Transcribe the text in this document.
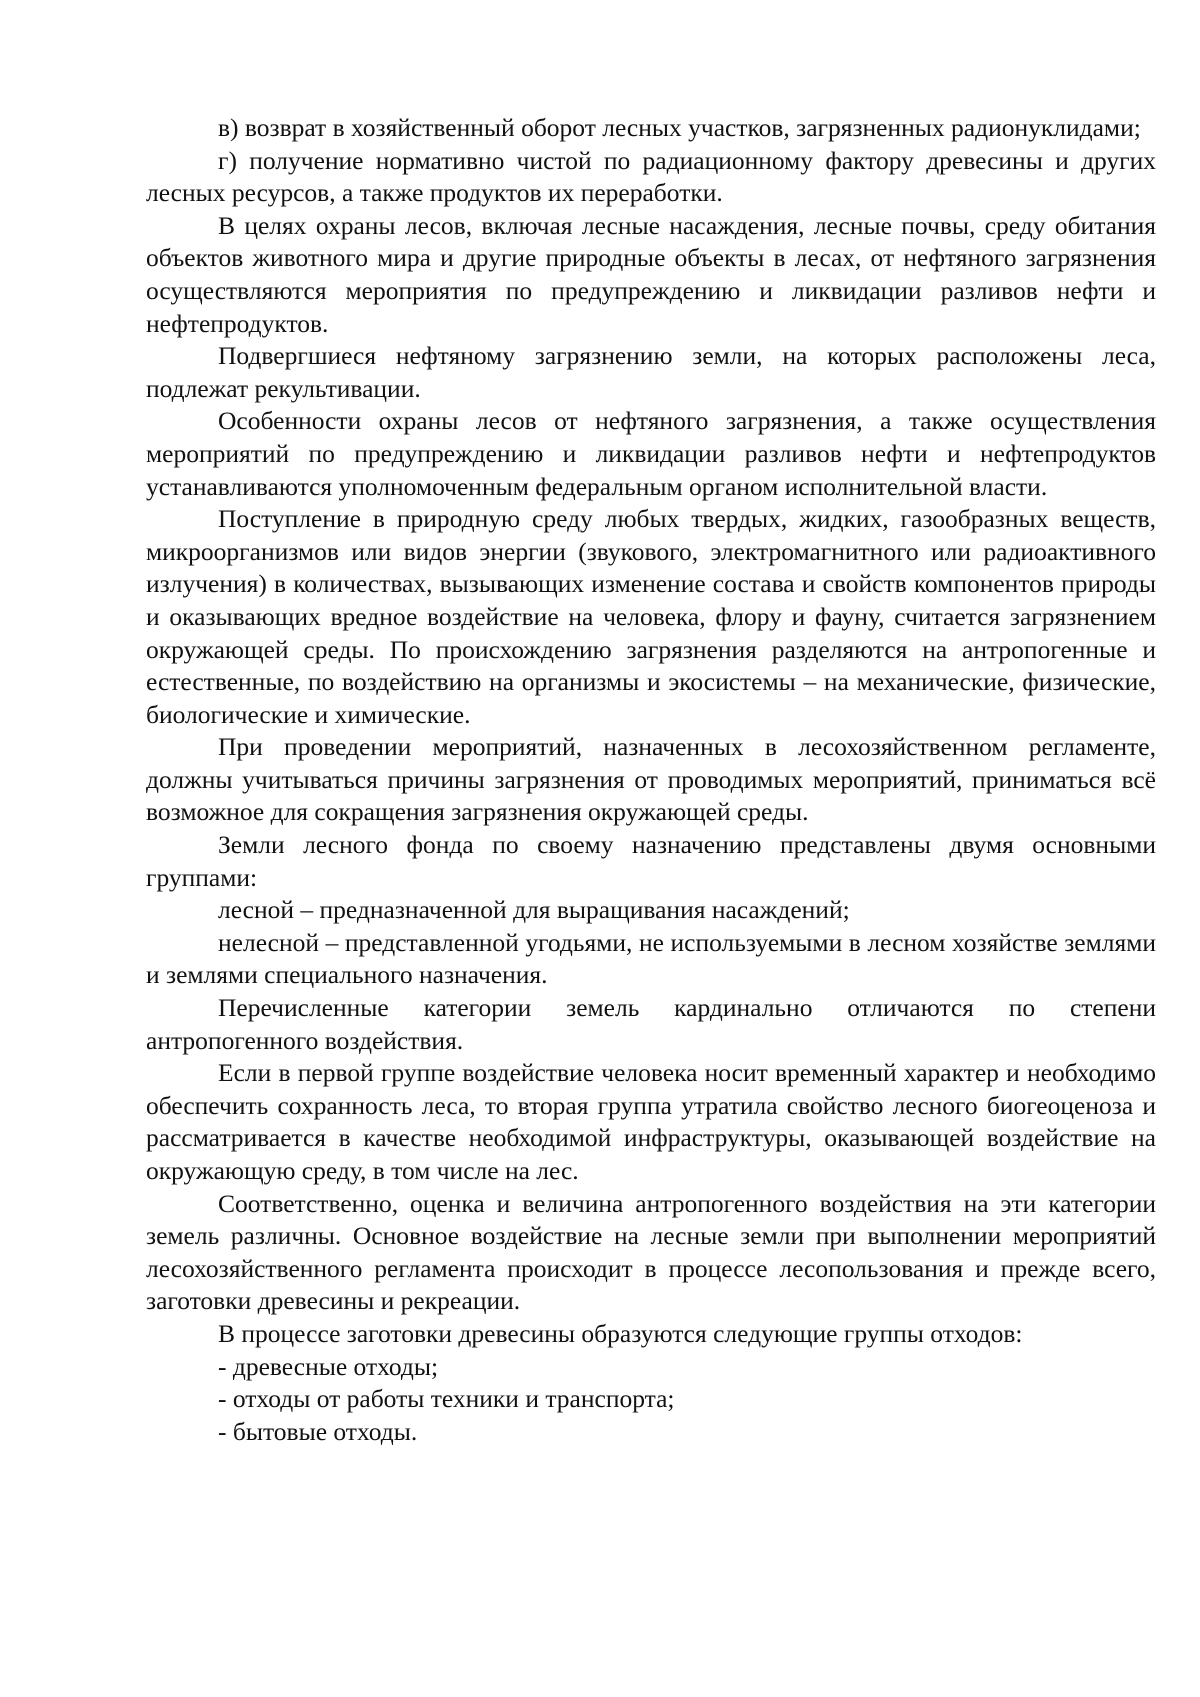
в) возврат в хозяйственный оборот лесных участков, загрязненных радионуклидами;

г) получение нормативно чистой по радиационному фактору древесины и других лесных ресурсов, а также продуктов их переработки.

В целях охраны лесов, включая лесные насаждения, лесные почвы, среду обитания объектов животного мира и другие природные объекты в лесах, от нефтяного загрязнения осуществляются мероприятия по предупреждению и ликвидации разливов нефти и нефтепродуктов.

Подвергшиеся нефтяному загрязнению земли, на которых расположены леса, подлежат рекультивации.

Особенности охраны лесов от нефтяного загрязнения, а также осуществления мероприятий по предупреждению и ликвидации разливов нефти и нефтепродуктов устанавливаются уполномоченным федеральным органом исполнительной власти.

Поступление в природную среду любых твердых, жидких, газообразных веществ, микроорганизмов или видов энергии (звукового, электромагнитного или радиоактивного излучения) в количествах, вызывающих изменение состава и свойств компонентов природы и оказывающих вредное воздействие на человека, флору и фауну, считается загрязнением окружающей среды. По происхождению загрязнения разделяются на антропогенные и естественные, по воздействию на организмы и экосистемы – на механические, физические, биологические и химические.

При проведении мероприятий, назначенных в лесохозяйственном регламенте, должны учитываться причины загрязнения от проводимых мероприятий, приниматься всё возможное для сокращения загрязнения окружающей среды.

Земли лесного фонда по своему назначению представлены двумя основными группами:

лесной – предназначенной для выращивания насаждений;

нелесной – представленной угодьями, не используемыми в лесном хозяйстве землями и землями специального назначения.

Перечисленные категории земель кардинально отличаются по степени антропогенного воздействия.

Если в первой группе воздействие человека носит временный характер и необходимо обеспечить сохранность леса, то вторая группа утратила свойство лесного биогеоценоза и рассматривается в качестве необходимой инфраструктуры, оказывающей воздействие на окружающую среду, в том числе на лес.

Соответственно, оценка и величина антропогенного воздействия на эти категории земель различны. Основное воздействие на лесные земли при выполнении мероприятий лесохозяйственного регламента происходит в процессе лесопользования и прежде всего, заготовки древесины и рекреации.

В процессе заготовки древесины образуются следующие группы отходов:

- древесные отходы;

- отходы от работы техники и транспорта;

- бытовые отходы.
